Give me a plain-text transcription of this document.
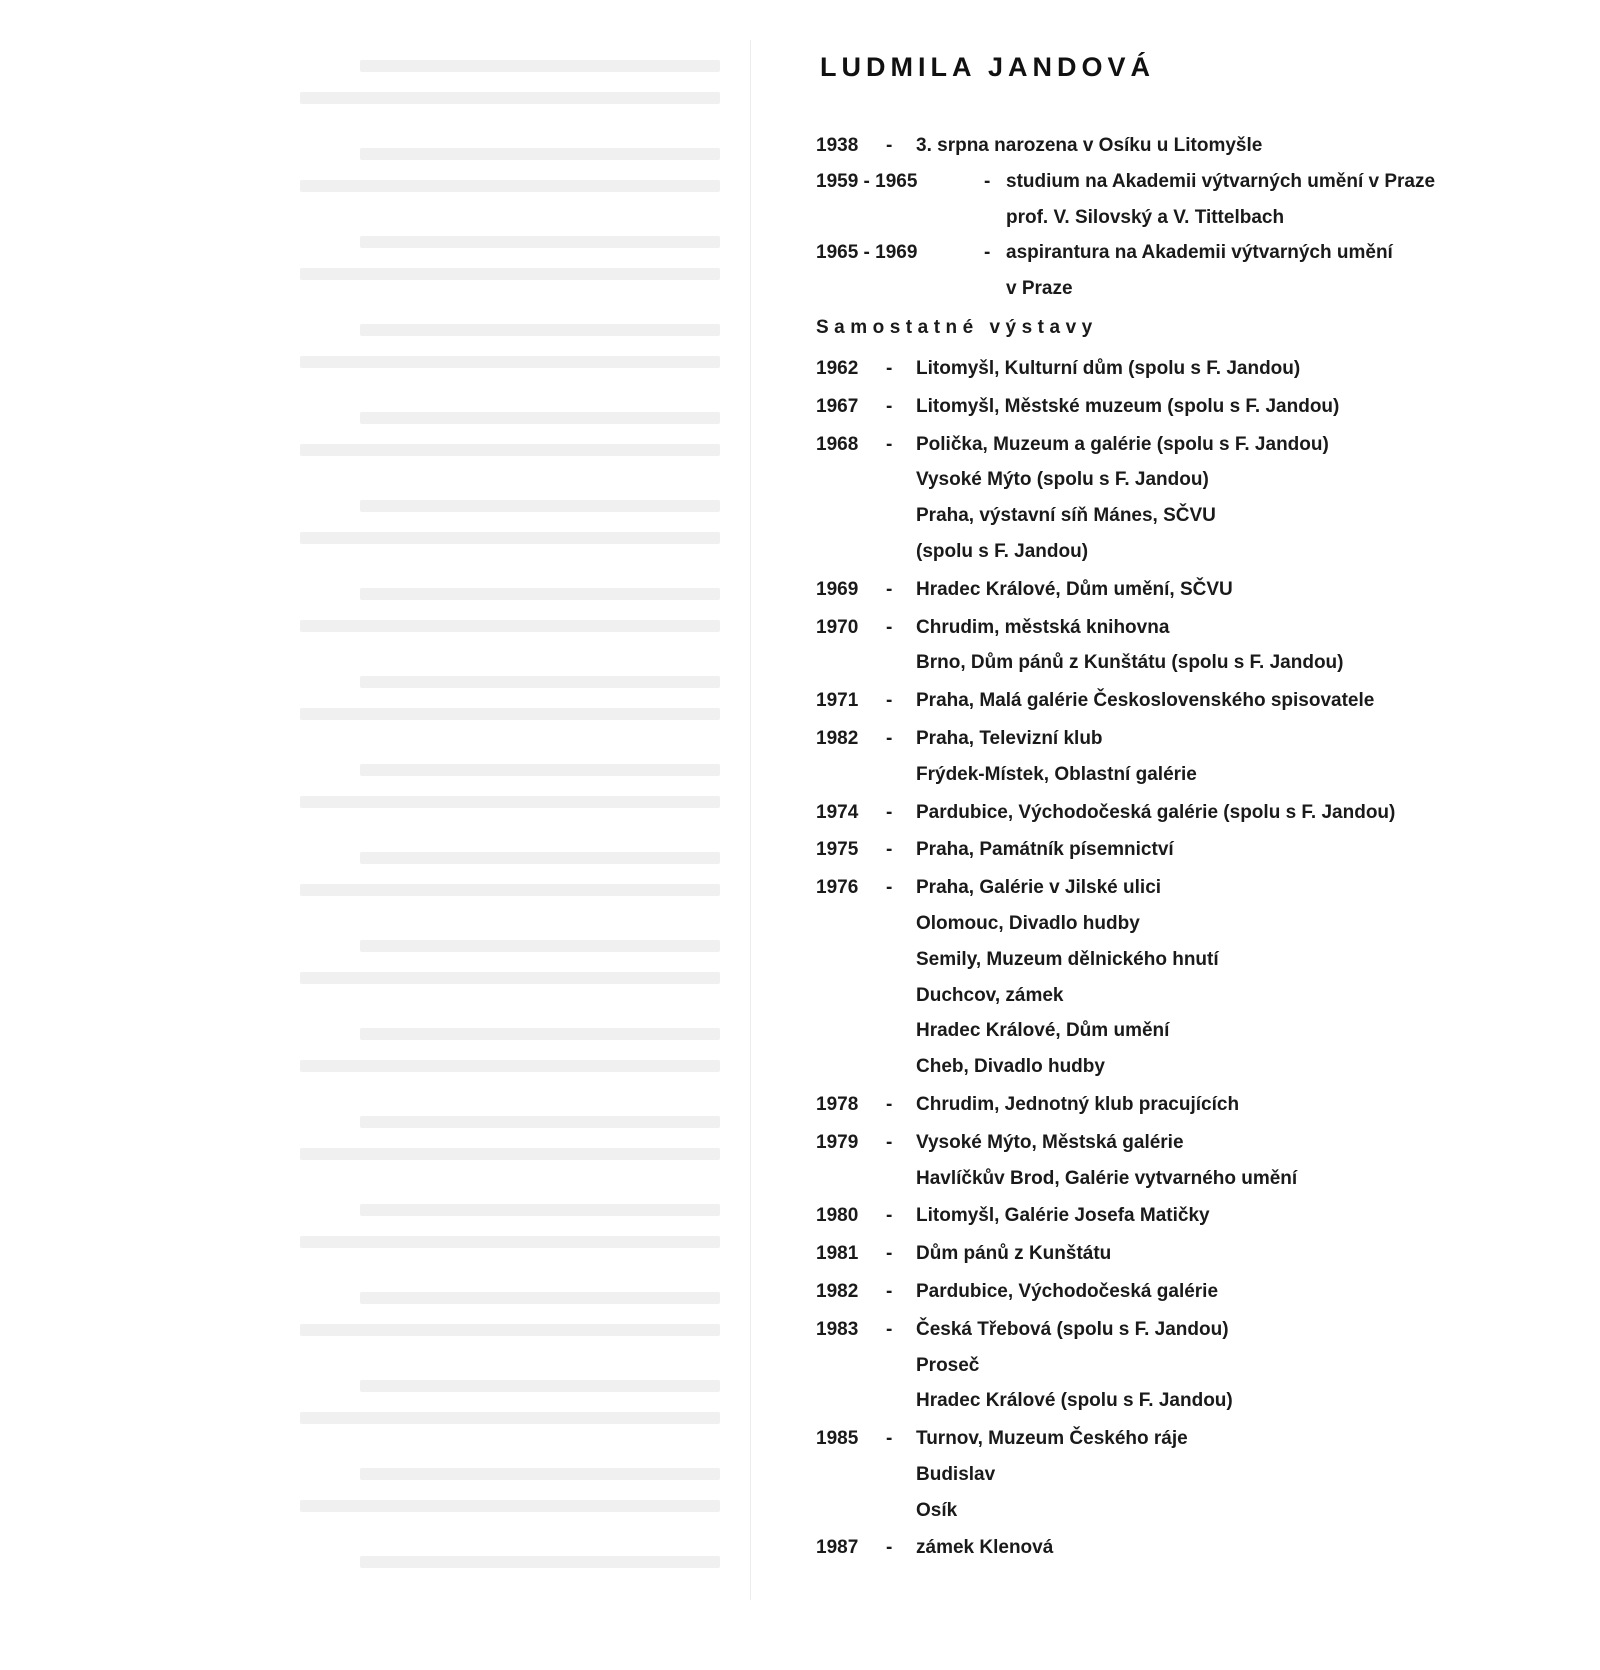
LUDMILA JANDOVÁ
1938	-	3. srpna narozena v Osíku u Litomyšle
1959 - 1965	- studium na Akademii výtvarných umění v Praze
prof. V. Silovský a V. Tittelbach
1965 - 1969	- aspirantura na Akademii výtvarných umění
v Praze
Samostatné výstavy
1962	-	Litomyšl, Kulturní dům (spolu s F. Jandou)
1967	-	Litomyšl, Městské muzeum (spolu s F. Jandou)
1968	-	Polička, Muzeum a galérie (spolu s F. Jandou)
Vysoké Mýto (spolu s F. Jandou)
Praha, výstavní síň Mánes, SČVU
(spolu s F. Jandou)
1969	-	Hradec Králové, Dům umění, SČVU
1970	-	Chrudim, městská knihovna
Brno, Dům pánů z Kunštátu (spolu s F. Jandou)
1971	-	Praha, Malá galérie Československého spisovatele
1982	-	Praha, Televizní klub
Frýdek-Místek, Oblastní galérie
1974	-	Pardubice, Východočeská galérie (spolu s F. Jandou)
1975	-	Praha, Památník písemnictví
1976	-	Praha, Galérie v Jilské ulici
Olomouc, Divadlo hudby
Semily, Muzeum dělnického hnutí
Duchcov, zámek
Hradec Králové, Dům umění
Cheb, Divadlo hudby
1978	-	Chrudim, Jednotný klub pracujících
1979	-	Vysoké Mýto, Městská galérie
Havlíčkův Brod, Galérie vytvarného umění
1980	-	Litomyšl, Galérie Josefa Matičky
1981	-	Dům pánů z Kunštátu
1982	-	Pardubice, Východočeská galérie
1983	-	Česká Třebová (spolu s F. Jandou)
Proseč
Hradec Králové (spolu s F. Jandou)
1985	-	Turnov, Muzeum Českého ráje
Budislav
Osík
1987	-	zámek Klenová
